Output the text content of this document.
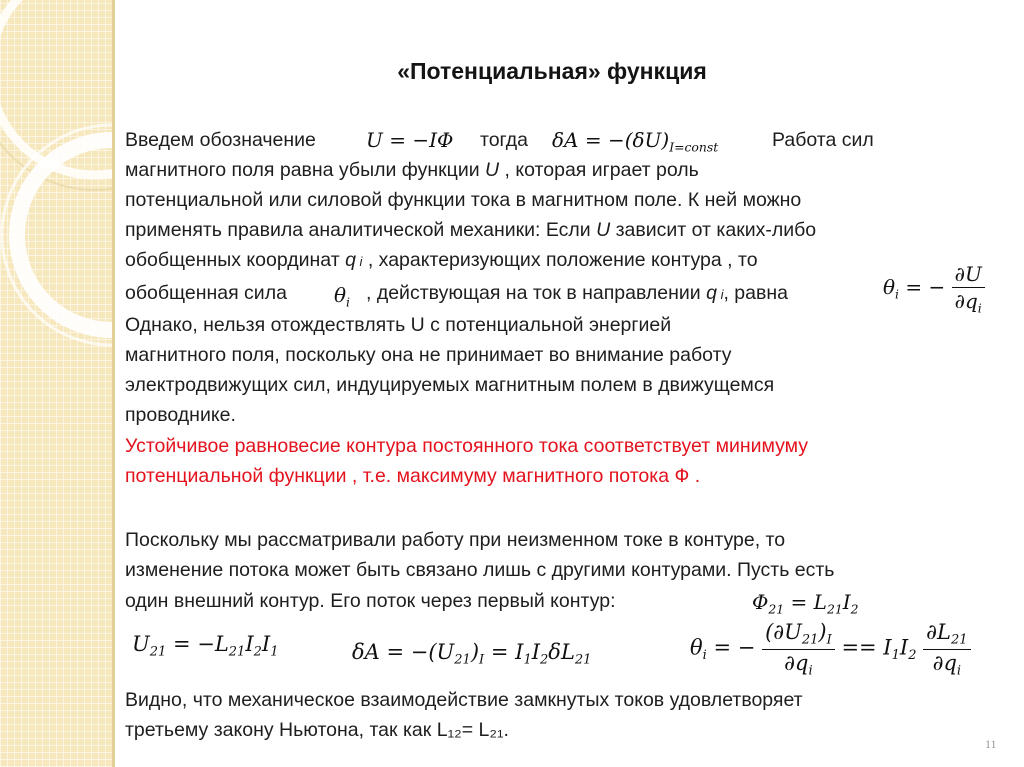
«Потенциальная» функция
Введем обозначение	U = −IΦ тогда $\delta A = -(\delta U)_{I=const}$	Работа сил
магнитного поля равна убыли функции U , которая играет роль
потенциальной или силовой функции тока в магнитном поле. К ней можно
применять правила аналитической механики: Если U зависит от каких-либо
обобщенных координат q i , характеризующих положение контура , то
обобщенная сила $\theta_i$ , действующая на ток в направлении q i, равна	$\theta_i$ = − $\frac{\partial U}{\partial q_i}$
Однако, нельзя отождествлять U с потенциальной энергией
магнитного поля, поскольку она не принимает во внимание работу
электродвижущих сил, индуцируемых магнитным полем в движущемся
проводнике.
Устойчивое равновесие контура постоянного тока соответствует минимуму
потенциальной функции , т.е. максимуму магнитного потока Ф .
Поскольку мы рассматривали работу при неизменном токе в контуре, то
изменение потока может быть связано лишь с другими контурами. Пусть есть
один внешний контур. Его поток через первый контур:	$\Phi_{21} = L_{21}I_2$
$U_{21} = -L_{21}I_2I_1$	$\delta A = -(U_{21})_I = I_1I_2\delta L_{21}$
$\theta_i$ = − $\frac{(\partial U_{21})_I}{\partial q_i} == I_1I_2 \frac{\partial L_{21}}{\partial q_i}$
Видно, что механическое взаимодействие замкнутых токов удовлетворяет
третьему закону Ньютона, так как L₁₂= L₂₁.
11
